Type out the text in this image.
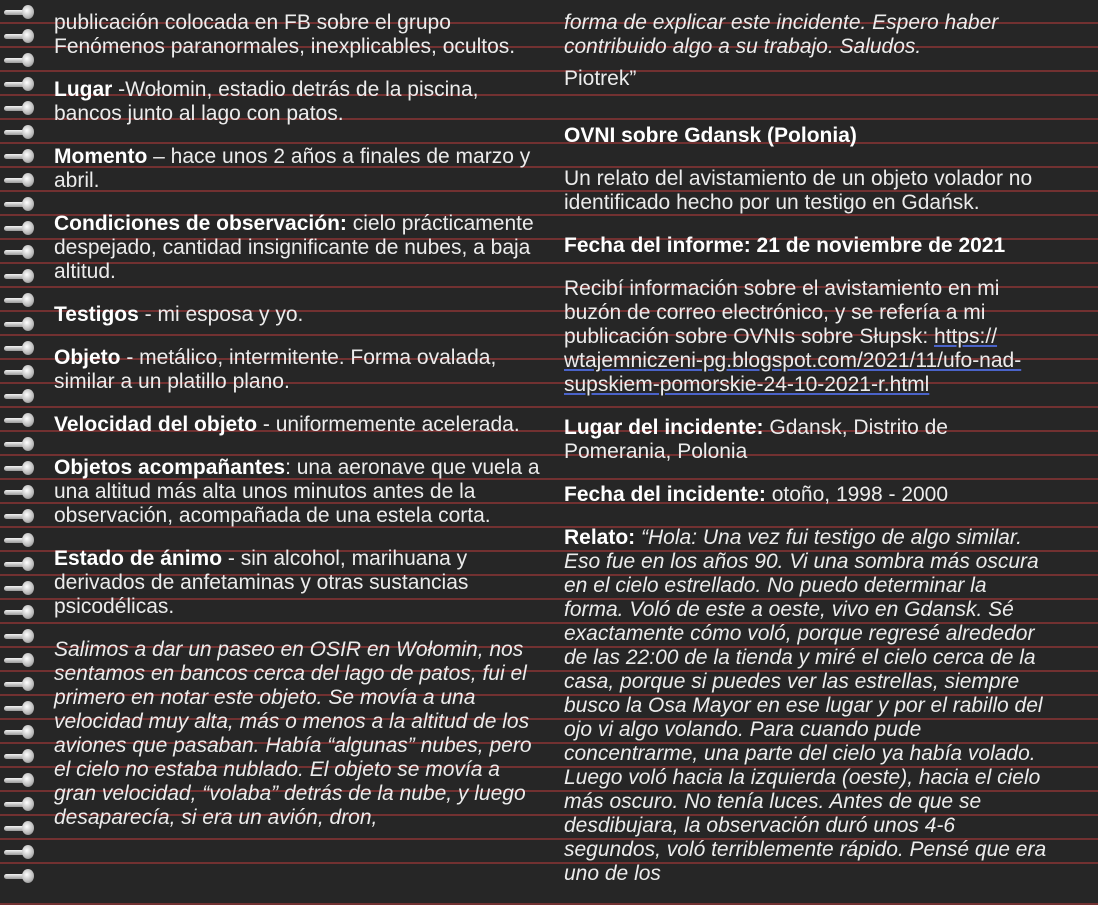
publicación colocada en FB sobre el grupo Fenómenos paranormales, inexplicables, ocultos.

Lugar -Wołomin, estadio detrás de la piscina, bancos junto al lago con patos.

Momento – hace unos 2 años a finales de marzo y abril.

Condiciones de observación: cielo prácticamente despejado, cantidad insignificante de nubes, a baja altitud.

Testigos - mi esposa y yo.

Objeto - metálico, intermitente. Forma ovalada, similar a un platillo plano.

Velocidad del objeto - uniformemente acelerada.

Objetos acompañantes: una aeronave que vuela a una altitud más alta unos minutos antes de la observación, acompañada de una estela corta.

Estado de ánimo - sin alcohol, marihuana y derivados de anfetaminas y otras sustancias psicodélicas.

Salimos a dar un paseo en OSIR en Wołomin, nos sentamos en bancos cerca del lago de patos, fui el primero en notar este objeto. Se movía a una velocidad muy alta, más o menos a la altitud de los aviones que pasaban. Había “algunas” nubes, pero el cielo no estaba nublado. El objeto se movía a gran velocidad, “volaba” detrás de la nube, y luego desaparecía, si era un avión, dron,

forma de explicar este incidente. Espero haber contribuido algo a su trabajo. Saludos.

Piotrek”

OVNI sobre Gdansk (Polonia)

Un relato del avistamiento de un objeto volador no identificado hecho por un testigo en Gdańsk.

Fecha del informe: 21 de noviembre de 2021

Recibí información sobre el avistamiento en mi buzón de correo electrónico, y se refería a mi publicación sobre OVNIs sobre Słupsk: https:// wtajemniczeni-pg.blogspot.com/2021/11/ufo-nad-supskiem-pomorskie-24-10-2021-r.html

Lugar del incidente: Gdansk, Distrito de Pomerania, Polonia

Fecha del incidente: otoño, 1998 - 2000

Relato: “Hola: Una vez fui testigo de algo similar. Eso fue en los años 90. Vi una sombra más oscura en el cielo estrellado. No puedo determinar la forma. Voló de este a oeste, vivo en Gdansk. Sé exactamente cómo voló, porque regresé alrededor de las 22:00 de la tienda y miré el cielo cerca de la casa, porque si puedes ver las estrellas, siempre busco la Osa Mayor en ese lugar y por el rabillo del ojo vi algo volando. Para cuando pude concentrarme, una parte del cielo ya había volado. Luego voló hacia la izquierda (oeste), hacia el cielo más oscuro. No tenía luces. Antes de que se desdibujara, la observación duró unos 4-6 segundos, voló terriblemente rápido. Pensé que era uno de los
